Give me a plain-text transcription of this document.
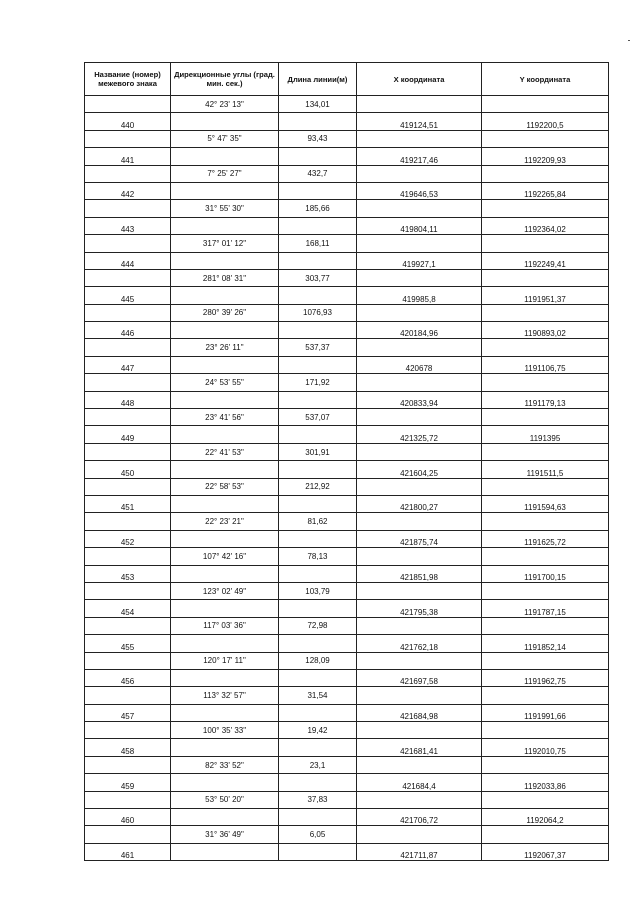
Название (номер) межевого знака	Дирекционные углы (град. мин. сек.)	Длина линии(м)	X координата	Y координата
	42° 23' 13"	134,01		
440			419124,51	1192200,5
	5° 47' 35"	93,43		
441			419217,46	1192209,93
	7° 25' 27"	432,7		
442			419646,53	1192265,84
	31° 55' 30"	185,66		
443			419804,11	1192364,02
	317° 01' 12"	168,11		
444			419927,1	1192249,41
	281° 08' 31"	303,77		
445			419985,8	1191951,37
	280° 39' 26"	1076,93		
446			420184,96	1190893,02
	23° 26' 11"	537,37		
447			420678	1191106,75
	24° 53' 55"	171,92		
448			420833,94	1191179,13
	23° 41' 56"	537,07		
449			421325,72	1191395
	22° 41' 53"	301,91		
450			421604,25	1191511,5
	22° 58' 53"	212,92		
451			421800,27	1191594,63
	22° 23' 21"	81,62		
452			421875,74	1191625,72
	107° 42' 16"	78,13		
453			421851,98	1191700,15
	123° 02' 49"	103,79		
454			421795,38	1191787,15
	117° 03' 36"	72,98		
455			421762,18	1191852,14
	120° 17' 11"	128,09		
456			421697,58	1191962,75
	113° 32' 57"	31,54		
457			421684,98	1191991,66
	100° 35' 33"	19,42		
458			421681,41	1192010,75
	82° 33' 52"	23,1		
459			421684,4	1192033,86
	53° 50' 20"	37,83		
460			421706,72	1192064,2
	31° 36' 49"	6,05		
461			421711,87	1192067,37
